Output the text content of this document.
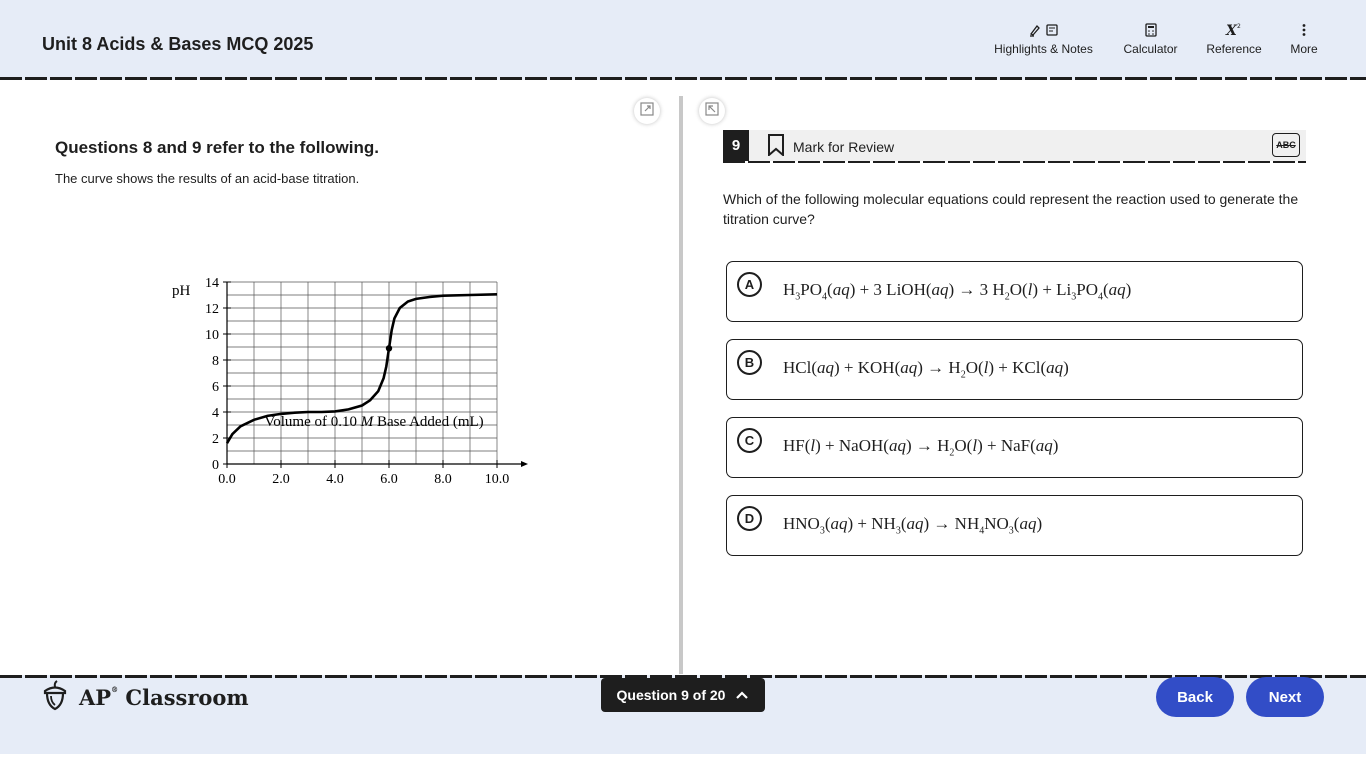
Unit 8 Acids & Bases MCQ 2025	Highlights & Notes	Calculator
X 2
Reference More
Questions 8 and 9 refer to the following.
The curve shows the results of an acid-base titration.
0.0	2.0	4.0	6.0	8.0 10.0
0
2
4
6
8
10
12
14
pH
Volume of 0.10 M Base Added (mL)
9	Mark for Review	ABC
Which of the following molecular equations could represent the reaction used to generate the titration curve?
A	$H_3PO_4(aq) + 3$ LiOH(aq) → 3 $H_2O(l) + Li_3PO_4(aq)$
B	$HCl(aq) + KOH(aq) \to H_2O(l) + KCl(aq)$
C	HF(l) + NaOH(aq) → $H_2O(l) + NaF(aq)$
D	$HNO_3(aq) + NH_3(aq) \to NH_4NO_3(aq)$
AP® Classroom	Question 9 of 20	Back	Next
